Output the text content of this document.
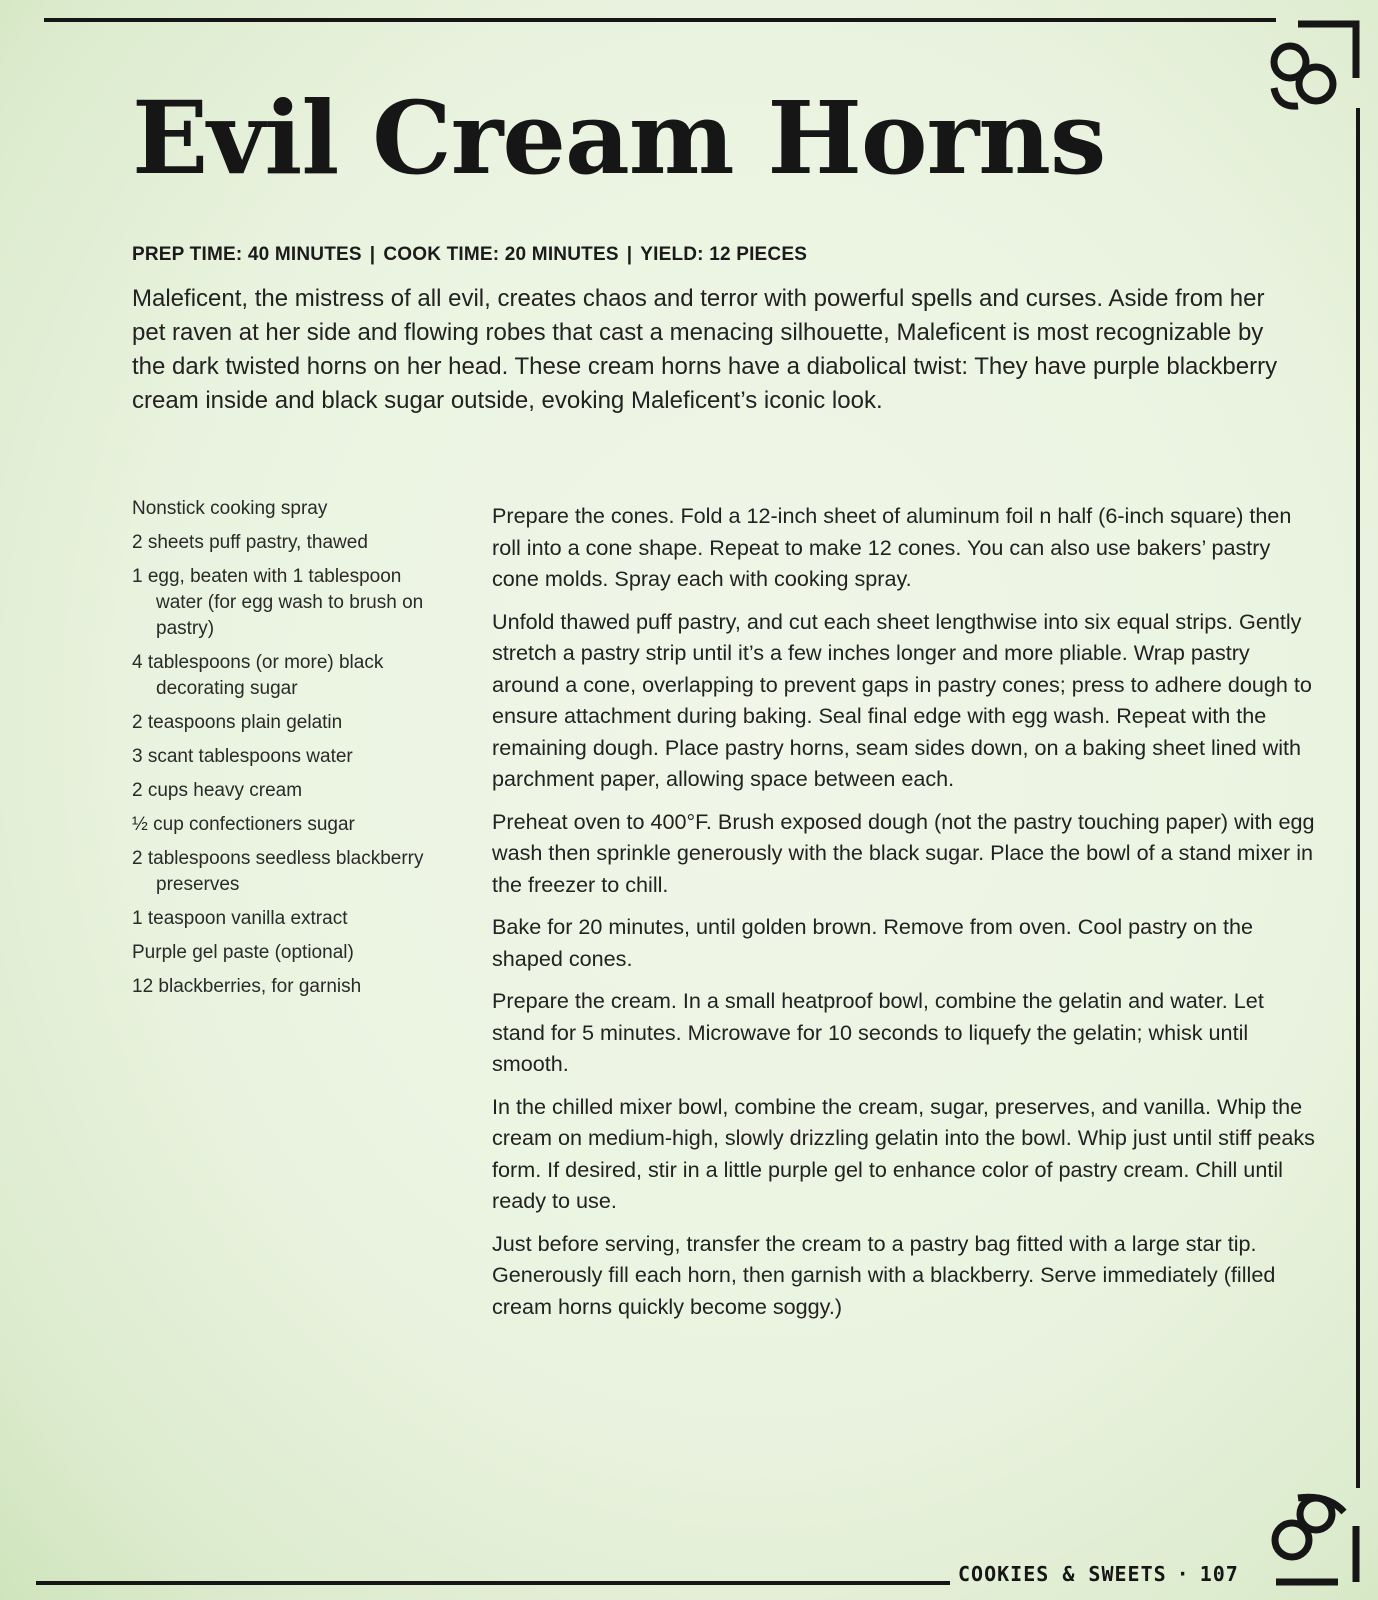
Evil Cream Horns
PREP TIME: 40 MINUTES | COOK TIME: 20 MINUTES | YIELD: 12 PIECES

Maleficent, the mistress of all evil, creates chaos and terror with powerful spells and curses. Aside from her pet raven at her side and flowing robes that cast a menacing silhouette, Maleficent is most recognizable by the dark twisted horns on her head. These cream horns have a diabolical twist: They have purple blackberry cream inside and black sugar outside, evoking Maleficent’s iconic look.

Nonstick cooking spray
2 sheets puff pastry, thawed
1 egg, beaten with 1 tablespoon water (for egg wash to brush on pastry)
4 tablespoons (or more) black decorating sugar
2 teaspoons plain gelatin
3 scant tablespoons water
2 cups heavy cream
½ cup confectioners sugar
2 tablespoons seedless blackberry preserves
1 teaspoon vanilla extract
Purple gel paste (optional)
12 blackberries, for garnish

Prepare the cones. Fold a 12-inch sheet of aluminum foil n half (6-inch square) then roll into a cone shape. Repeat to make 12 cones. You can also use bakers’ pastry cone molds. Spray each with cooking spray.

Unfold thawed puff pastry, and cut each sheet lengthwise into six equal strips. Gently stretch a pastry strip until it’s a few inches longer and more pliable. Wrap pastry around a cone, overlapping to prevent gaps in pastry cones; press to adhere dough to ensure attachment during baking. Seal final edge with egg wash. Repeat with the remaining dough. Place pastry horns, seam sides down, on a baking sheet lined with parchment paper, allowing space between each.

Preheat oven to 400°F. Brush exposed dough (not the pastry touching paper) with egg wash then sprinkle generously with the black sugar. Place the bowl of a stand mixer in the freezer to chill.

Bake for 20 minutes, until golden brown. Remove from oven. Cool pastry on the shaped cones.

Prepare the cream. In a small heatproof bowl, combine the gelatin and water. Let stand for 5 minutes. Microwave for 10 seconds to liquefy the gelatin; whisk until smooth.

In the chilled mixer bowl, combine the cream, sugar, preserves, and vanilla. Whip the cream on medium-high, slowly drizzling gelatin into the bowl. Whip just until stiff peaks form. If desired, stir in a little purple gel to enhance color of pastry cream. Chill until ready to use.

Just before serving, transfer the cream to a pastry bag fitted with a large star tip. Generously fill each horn, then garnish with a blackberry. Serve immediately (filled cream horns quickly become soggy.)

COOKIES & SWEETS · 107
